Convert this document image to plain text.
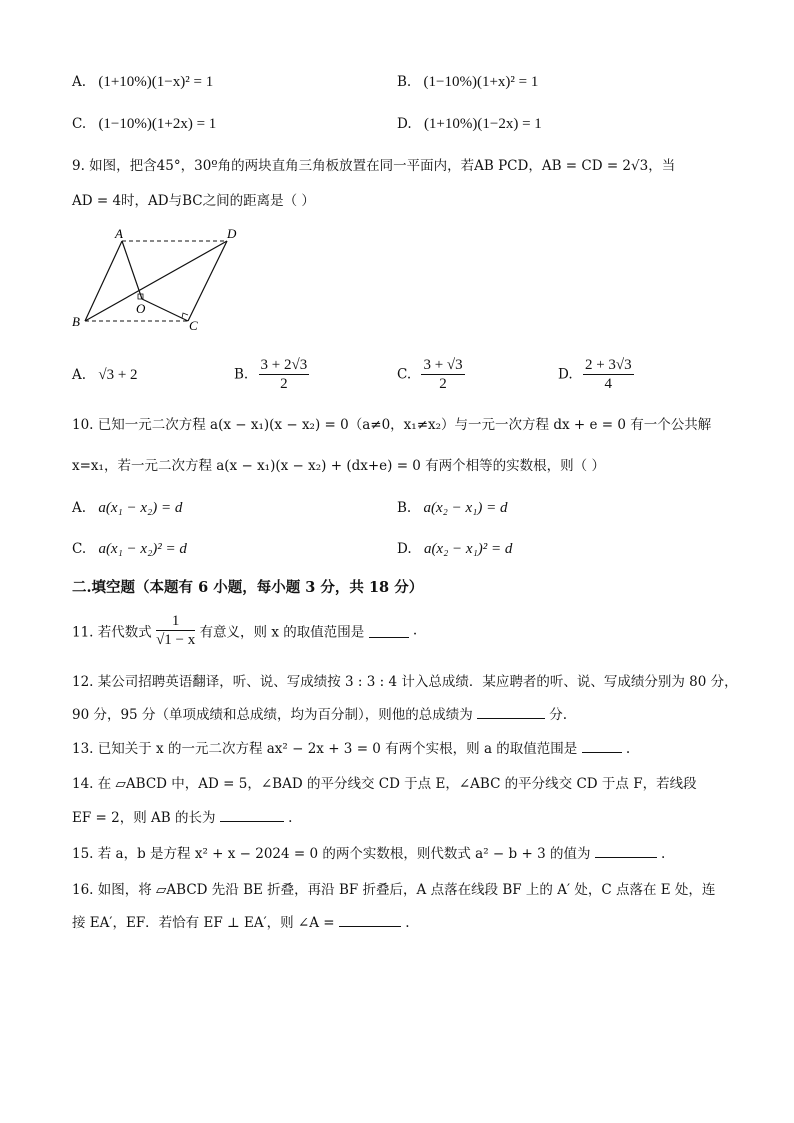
A. (1+10%)(1−x)² = 1	B. (1−10%)(1+x)² = 1
C. (1−10%)(1+2x) = 1	D. (1+10%)(1−2x) = 1
9. 如图，把含45°，30º角的两块直角三角板放置在同一平面内，若AB PCD，AB = CD = 2√3，当
AD = 4时，AD与BC之间的距离是（ ）
A	D
B	C
O
A. √3 + 2	B. $\frac{3 + 2√3}{2}$	C. $\frac{3 + √3}{2}$	D. $\frac{2 + 3√3}{4}$
10. 已知一元二次方程 a(x − x₁)(x − x₂) = 0（a≠0，x₁≠x₂）与一元一次方程 dx + e = 0 有一个公共解
x=x₁，若一元二次方程 a(x − x₁)(x − x₂) + (dx+e) = 0 有两个相等的实数根，则（ ）
A. a(x₁ − x₂) = d	B. a(x₂ − x₁) = d
C. a(x₁ − x₂)² = d	D. a(x₂ − x₁)² = d
二.填空题（本题有 6 小题，每小题 3 分，共 18 分）
11. 若代数式 $\frac{1}{√1 - x}$ 有意义，则 x 的取值范围是	.
12. 某公司招聘英语翻译，听、说、写成绩按 3 : 3 : 4 计入总成绩．某应聘者的听、说、写成绩分别为 80 分，
90 分，95 分（单项成绩和总成绩，均为百分制），则他的总成绩为	分.
13. 已知关于 x 的一元二次方程 ax² − 2x + 3 = 0 有两个实根，则 a 的取值范围是	.
14. 在 ▱ABCD 中，AD = 5，∠BAD 的平分线交 CD 于点 E，∠ABC 的平分线交 CD 于点 F，若线段
EF = 2，则 AB 的长为	.
15. 若 a，b 是方程 x² + x − 2024 = 0 的两个实数根，则代数式 a² − b + 3 的值为	.
16. 如图，将 ▱ABCD 先沿 BE 折叠，再沿 BF 折叠后，A 点落在线段 BF 上的 A′ 处，C 点落在 E 处，连
接 EA′，EF．若恰有 EF ⊥ EA′，则 ∠A =	.
